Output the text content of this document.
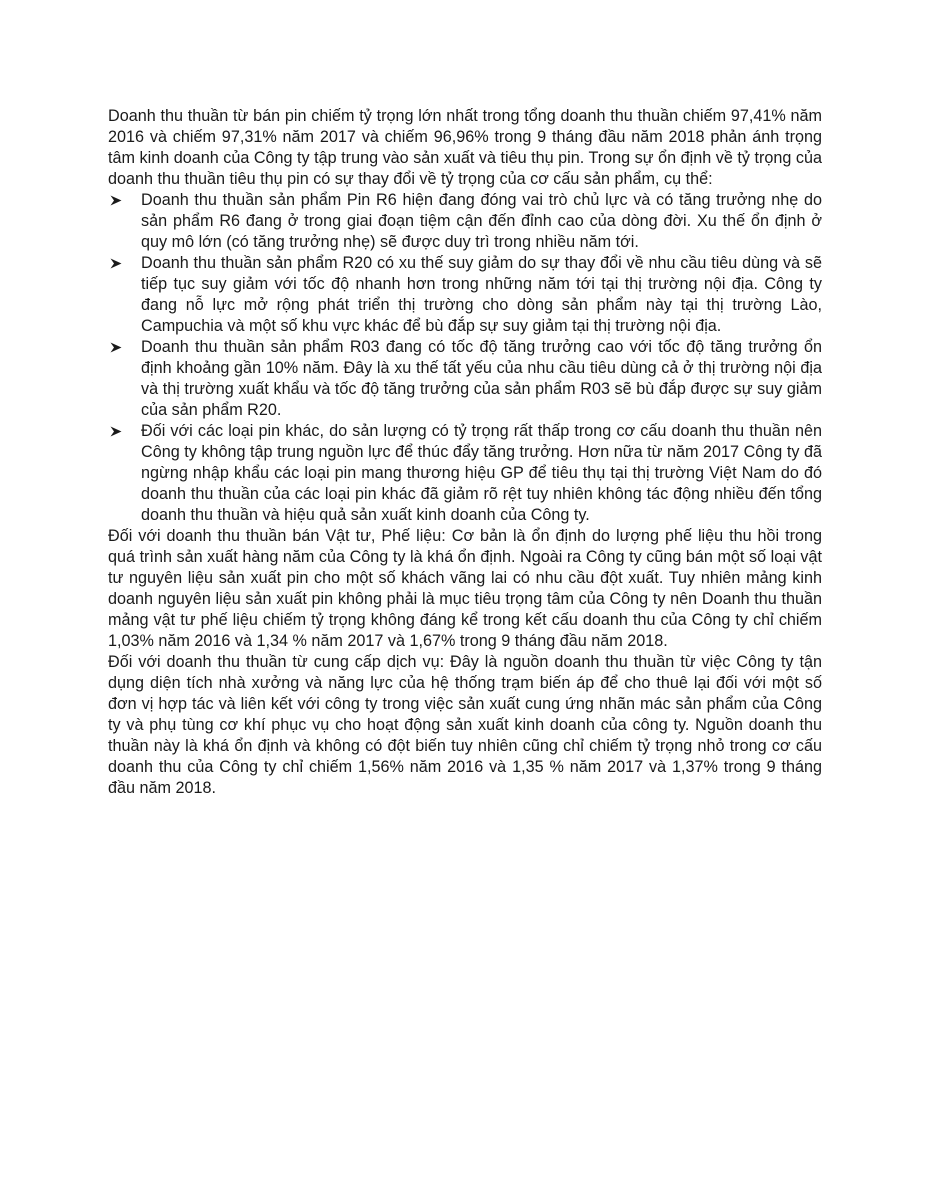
Doanh thu thuần từ bán pin chiếm tỷ trọng lớn nhất trong tổng doanh thu thuần chiếm 97,41% năm 2016 và chiếm 97,31% năm 2017 và chiếm 96,96% trong 9 tháng đầu năm 2018 phản ánh trọng tâm kinh doanh của Công ty tập trung vào sản xuất và tiêu thụ pin. Trong sự ổn định về tỷ trọng của doanh thu thuần tiêu thụ pin có sự thay đổi về tỷ trọng của cơ cấu sản phẩm, cụ thể:

Doanh thu thuần sản phẩm Pin R6 hiện đang đóng vai trò chủ lực và có tăng trưởng nhẹ do sản phẩm R6 đang ở trong giai đoạn tiệm cận đến đỉnh cao của dòng đời. Xu thế ổn định ở quy mô lớn (có tăng trưởng nhẹ) sẽ được duy trì trong nhiều năm tới.
Doanh thu thuần sản phẩm R20 có xu thế suy giảm do sự thay đổi về nhu cầu tiêu dùng và sẽ tiếp tục suy giảm với tốc độ nhanh hơn trong những năm tới tại thị trường nội địa. Công ty đang nỗ lực mở rộng phát triển thị trường cho dòng sản phẩm này tại thị trường Lào, Campuchia và một số khu vực khác để bù đắp sự suy giảm tại thị trường nội địa.
Doanh thu thuần sản phẩm R03 đang có tốc độ tăng trưởng cao với tốc độ tăng trưởng ổn định khoảng gần 10% năm. Đây là xu thế tất yếu của nhu cầu tiêu dùng cả ở thị trường nội địa và thị trường xuất khẩu và tốc độ tăng trưởng của sản phẩm R03 sẽ bù đắp được sự suy giảm của sản phẩm R20.
Đối với các loại pin khác, do sản lượng có tỷ trọng rất thấp trong cơ cấu doanh thu thuần nên Công ty không tập trung nguồn lực để thúc đẩy tăng trưởng. Hơn nữa từ năm 2017 Công ty đã ngừng nhập khẩu các loại pin mang thương hiệu GP để tiêu thụ tại thị trường Việt Nam do đó doanh thu thuần của các loại pin khác đã giảm rõ rệt tuy nhiên không tác động nhiều đến tổng doanh thu thuần và hiệu quả sản xuất kinh doanh của Công ty.

Đối với doanh thu thuần bán Vật tư, Phế liệu: Cơ bản là ổn định do lượng phế liệu thu hồi trong quá trình sản xuất hàng năm của Công ty là khá ổn định. Ngoài ra Công ty cũng bán một số loại vật tư nguyên liệu sản xuất pin cho một số khách vãng lai có nhu cầu đột xuất. Tuy nhiên mảng kinh doanh nguyên liệu sản xuất pin không phải là mục tiêu trọng tâm của Công ty nên Doanh thu thuần mảng vật tư phế liệu chiếm tỷ trọng không đáng kể trong kết cấu doanh thu của Công ty chỉ chiếm 1,03% năm 2016 và 1,34 % năm 2017 và 1,67% trong 9 tháng đầu năm 2018.

Đối với doanh thu thuần từ cung cấp dịch vụ: Đây là nguồn doanh thu thuần từ việc Công ty tận dụng diện tích nhà xưởng và năng lực của hệ thống trạm biến áp để cho thuê lại đối với một số đơn vị hợp tác và liên kết với công ty trong việc sản xuất cung ứng nhãn mác sản phẩm của Công ty và phụ tùng cơ khí phục vụ cho hoạt động sản xuất kinh doanh của công ty. Nguồn doanh thu thuần này là khá ổn định và không có đột biến tuy nhiên cũng chỉ chiếm tỷ trọng nhỏ trong cơ cấu doanh thu của Công ty chỉ chiếm 1,56% năm 2016 và 1,35 % năm 2017 và 1,37% trong 9 tháng đầu năm 2018.
